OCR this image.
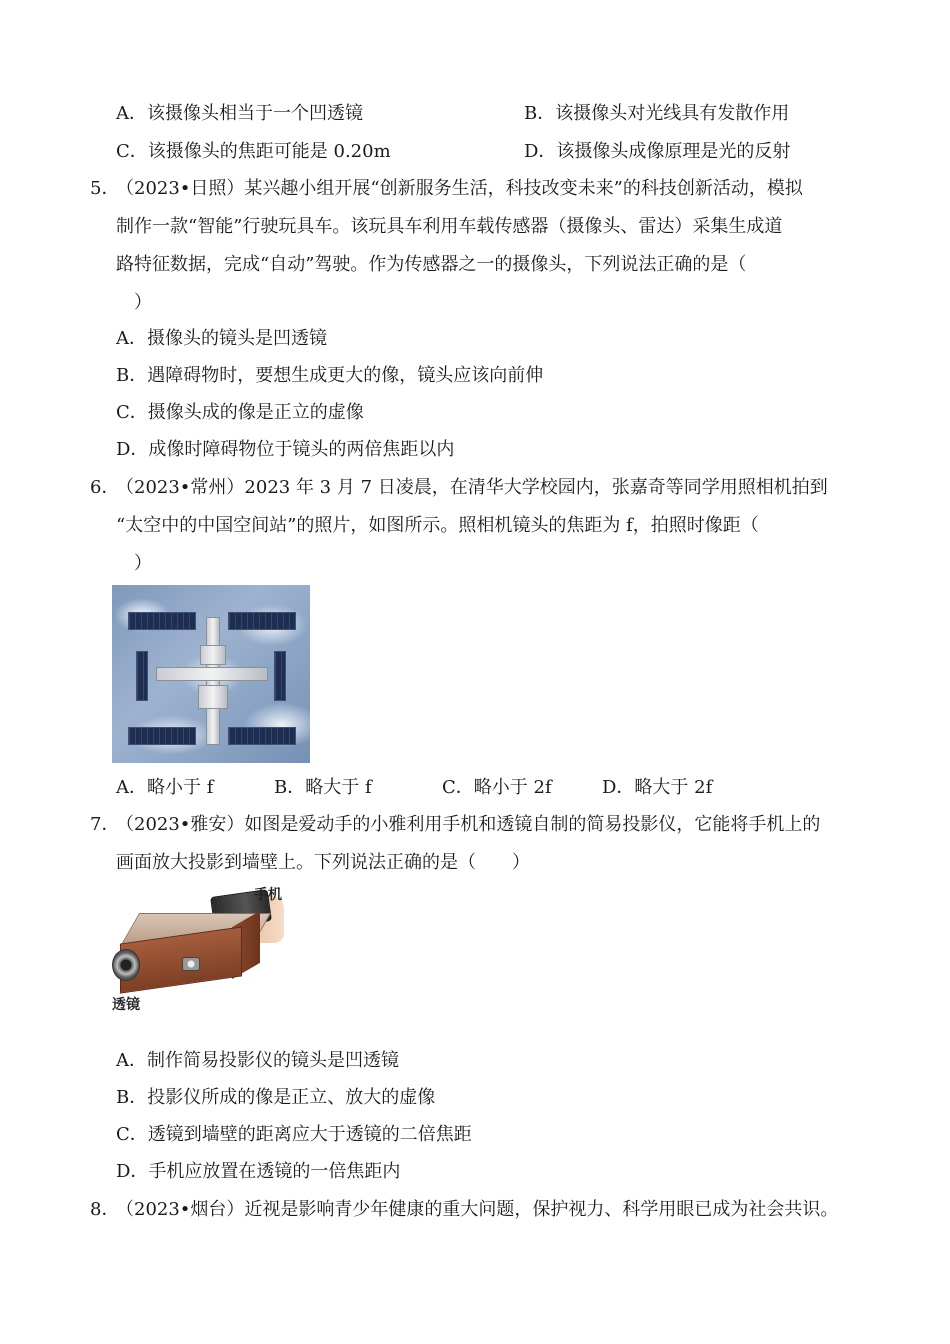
A．该摄像头相当于一个凹透镜	B．该摄像头对光线具有发散作用
C．该摄像头的焦距可能是 0.20m	D．该摄像头成像原理是光的反射
5．
（2023•日照）某兴趣小组开展“创新服务生活，科技改变未来”的科技创新活动，模拟
制作一款“智能”行驶玩具车。该玩具车利用车载传感器（摄像头、雷达）采集生成道
路特征数据，完成“自动”驾驶。作为传感器之一的摄像头，下列说法正确的是（
）
A．摄像头的镜头是凹透镜
B．遇障碍物时，要想生成更大的像，镜头应该向前伸
C．摄像头成的像是正立的虚像
D．成像时障碍物位于镜头的两倍焦距以内
6．
（2023•常州）2023 年 3 月 7 日凌晨，在清华大学校园内，张嘉奇等同学用照相机拍到
“太空中的中国空间站”的照片，如图所示。照相机镜头的焦距为 f，拍照时像距（
）
A．略小于 f	B．略大于 f	C．略小于 2f	D．略大于 2f
7．
（2023•雅安）如图是爱动手的小雅利用手机和透镜自制的简易投影仪，它能将手机上的
画面放大投影到墙壁上。下列说法正确的是（　　）
手机
透镜
A．制作简易投影仪的镜头是凹透镜
B．投影仪所成的像是正立、放大的虚像
C．透镜到墙壁的距离应大于透镜的二倍焦距
D．手机应放置在透镜的一倍焦距内
8．
（2023•烟台）近视是影响青少年健康的重大问题，保护视力、科学用眼已成为社会共识。
